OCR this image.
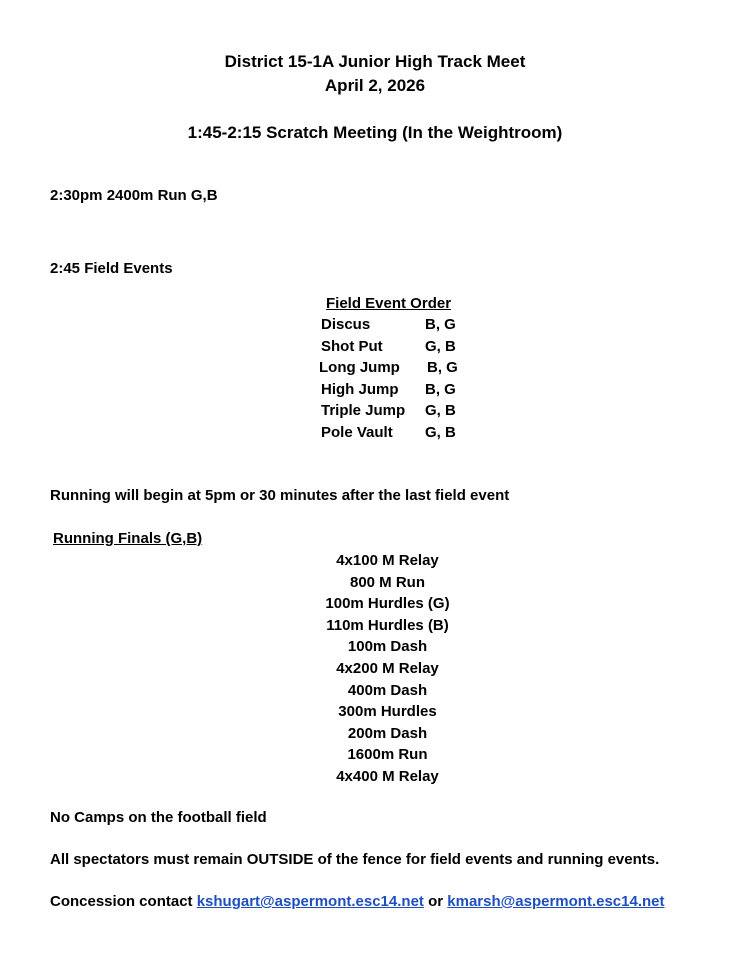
District 15-1A Junior High Track Meet
April 2, 2026
1:45-2:15 Scratch Meeting (In the Weightroom)
2:30pm 2400m Run G,B
2:45 Field Events
Field Event Order
Discus	B, G
Shot Put	G, B
Long Jump B, G
High Jump B, G
Triple Jump G, B
Pole Vault G, B
Running will begin at 5pm or 30 minutes after the last field event
Running Finals (G,B)
4x100 M Relay
800 M Run
100m Hurdles (G)
110m Hurdles (B)
100m Dash
4x200 M Relay
400m Dash
300m Hurdles
200m Dash
1600m Run
4x400 M Relay
No Camps on the football field
All spectators must remain OUTSIDE of the fence for field events and running events.
Concession contact kshugart@aspermont.esc14.net or kmarsh@aspermont.esc14.net
